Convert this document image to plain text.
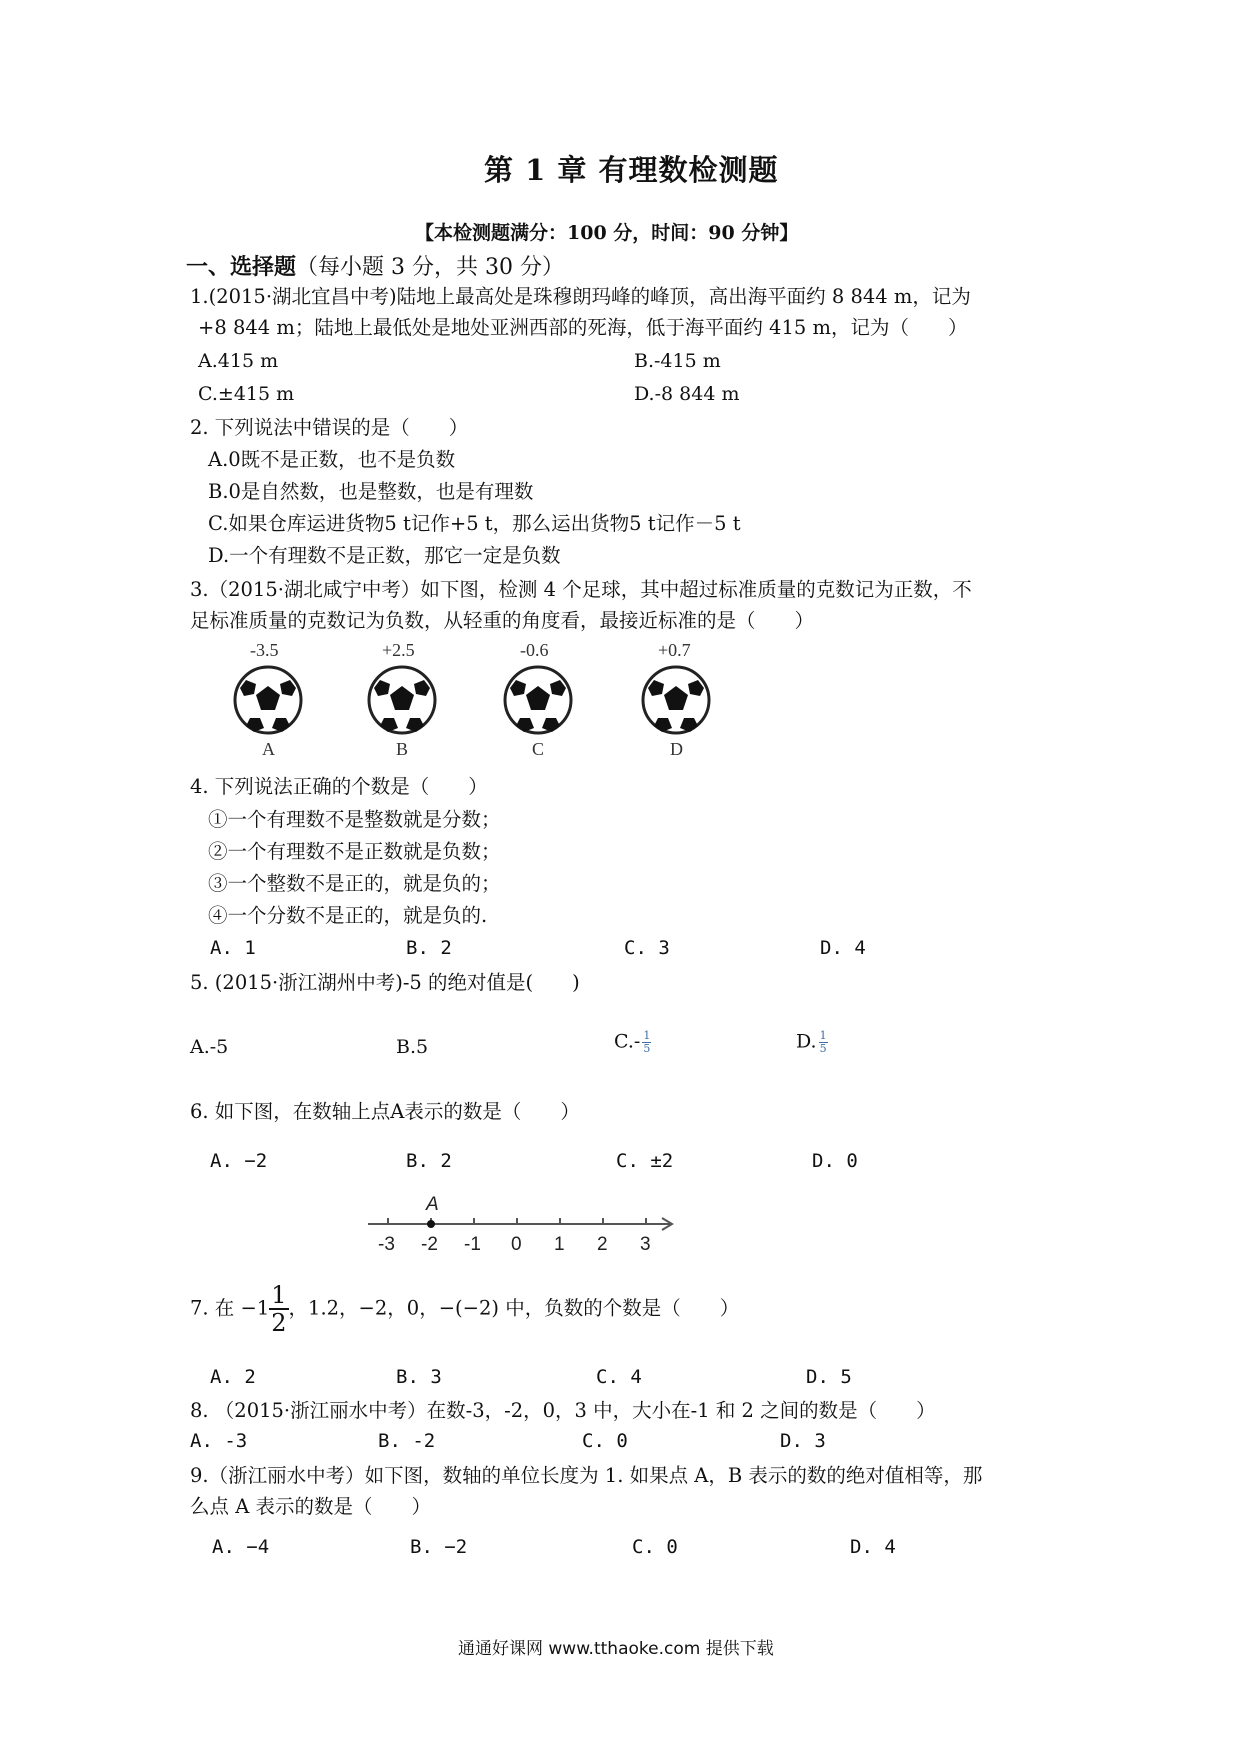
第 1 章 有理数检测题
【本检测题满分：100 分，时间：90 分钟】
一、选择题（每小题 3 分，共 30 分）
1.(2015·湖北宜昌中考)陆地上最高处是珠穆朗玛峰的峰顶，高出海平面约 8 844 m，记为
+8 844 m；陆地上最低处是地处亚洲西部的死海，低于海平面约 415 m，记为（　　）
A.415 m	B.-415 m
C.±415 m	D.-8 844 m
2. 下列说法中错误的是（　　）
A.0既不是正数，也不是负数
B.0是自然数，也是整数，也是有理数
C.如果仓库运进货物5 t记作+5 t，那么运出货物5 t记作－5 t
D.一个有理数不是正数，那它一定是负数
3.（2015·湖北咸宁中考）如下图，检测 4 个足球，其中超过标准质量的克数记为正数，不
足标准质量的克数记为负数，从轻重的角度看，最接近标准的是（　　）
-3.5
A
+2.5
B
-0.6
C
+0.7
D
4. 下列说法正确的个数是（　　）
①一个有理数不是整数就是分数；
②一个有理数不是正数就是负数；
③一个整数不是正的，就是负的；
④一个分数不是正的，就是负的.
A. 1	B. 2	C. 3	D. 4
5. (2015·浙江湖州中考)-5 的绝对值是(　　)
A.-5	B.5	$C.- \frac{1}{5}$	D. $\frac{1}{5}$
6. 如下图，在数轴上点A表示的数是（　　）
A. −2	B. 2	C. ±2	D. 0
A
-3 -2 -1 0 1 2 3
7. 在 $-1 \frac{1}{2}$ ，1.2，−2，0，−(−2) 中，负数的个数是（　　）
A. 2	B. 3	C. 4	D. 5
8. （2015·浙江丽水中考）在数-3，-2，0，3 中，大小在-1 和 2 之间的数是（　　）
A. -3	B. -2	C. 0	D. 3
9.（浙江丽水中考）如下图，数轴的单位长度为 1. 如果点 A，B 表示的数的绝对值相等，那
么点 A 表示的数是（　　）
A. −4	B. −2	C. 0	D. 4
通通好课网 www.tthaoke.com 提供下载
